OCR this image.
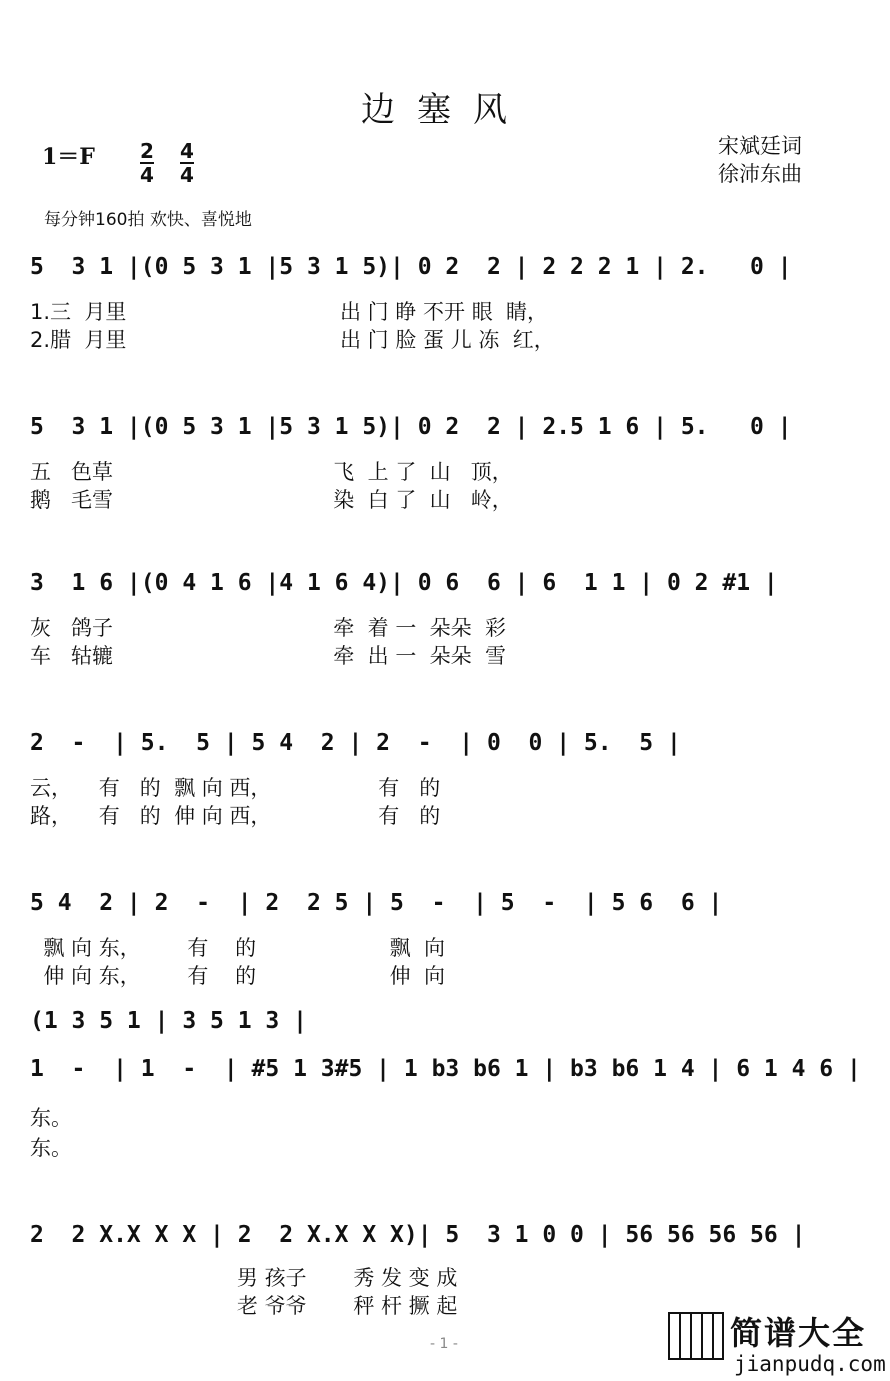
边塞风
$1=F \frac{2}{4} \frac{4}{4}$	宋斌廷词
徐沛东曲
每分钟160拍 欢快、喜悦地
5  3 1 |(0 5 3 1 |5 3 1 5)| 0 2  2 | 2 2 2 1 | 2.   0 |
1.三  月里                                出 门 睁 不开 眼  睛，
2.腊  月里                                出 门 脸 蛋 儿 冻  红，
5  3 1 |(0 5 3 1 |5 3 1 5)| 0 2  2 | 2.5 1 6 | 5.   0 |
五   色草                                 飞  上 了  山   顶，
鹅   毛雪                                 染  白 了  山   岭，
3  1 6 |(0 4 1 6 |4 1 6 4)| 0 6  6 | 6  1 1 | 0 2 #1 |
灰   鸽子                                 牵  着 一  朵朵  彩
车   轱辘                                 牵  出 一  朵朵  雪
2  -  | 5.  5 | 5 4  2 | 2  -  | 0  0 | 5.  5 |
云，    有   的  飘 向 西，                有   的
路，    有   的  伸 向 西，                有   的
5 4  2 | 2  -  | 2  2 5 | 5  -  | 5  -  | 5 6  6 |
飘 向 东，       有    的                    飘  向
伸 向 东，       有    的                    伸  向
(1 3 5 1 | 3 5 1 3 |
1  -  | 1  -  | #5 1 3#5 | 1 b3 b6 1 | b3 b6 1 4 | 6 1 4 6 |
东。
东。
2  2 X.X X X | 2  2 X.X X X)| 5  3 1 0 0 | 56 56 56 56 |
男 孩子       秀 发 变 成
老 爷爷       秤 杆 撅 起
- 1 -	简谱大全
jianpudq.com
